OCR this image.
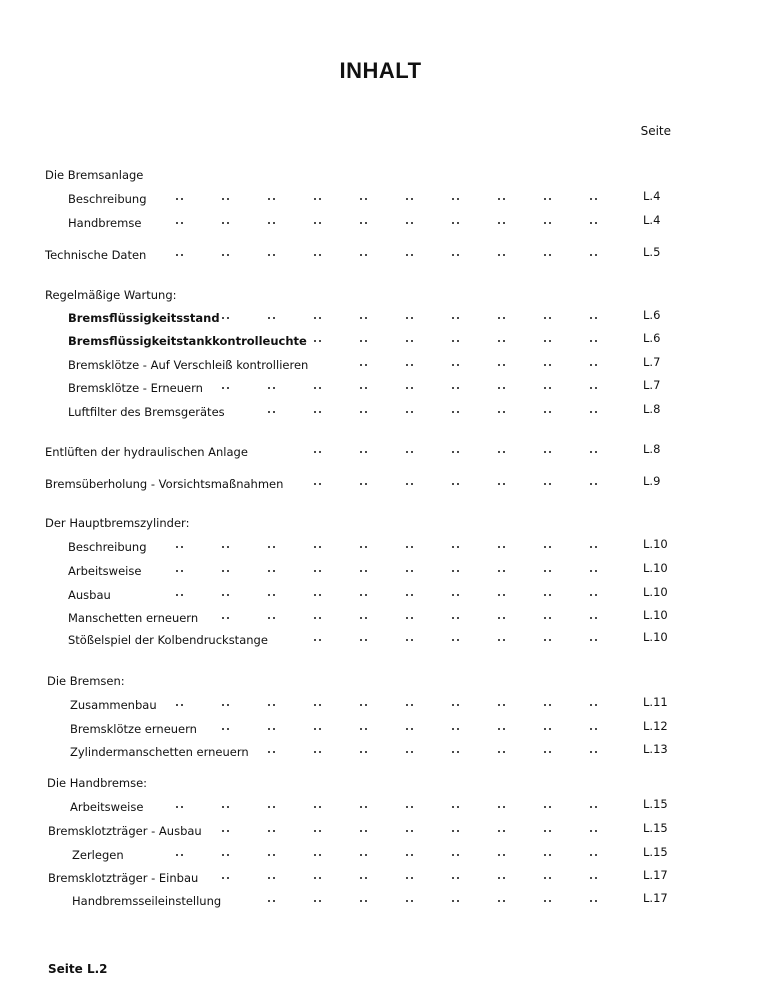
INHALT
Seite
Die Bremsanlage
Beschreibung	L.4
Handbremse	L.4
Technische Daten	L.5
Regelmäßige Wartung:
Bremsflüssigkeitsstand	L.6
Bremsflüssigkeitstankkontrolleuchte	L.6
Bremsklötze - Auf Verschleiß kontrollieren	L.7
Bremsklötze - Erneuern	L.7
Luftfilter des Bremsgerätes	L.8
Entlüften der hydraulischen Anlage	L.8
Bremsüberholung - Vorsichtsmaßnahmen	L.9
Der Hauptbremszylinder:
Beschreibung	L.10
Arbeitsweise	L.10
Ausbau	L.10
Manschetten erneuern	L.10
Stößelspiel der Kolbendruckstange	L.10
Die Bremsen:
Zusammenbau	L.11
Bremsklötze erneuern	L.12
Zylindermanschetten erneuern	L.13
Die Handbremse:
Arbeitsweise	L.15
Bremsklotzträger - Ausbau	L.15
Zerlegen	L.15
Bremsklotzträger - Einbau	L.17
Handbremsseileinstellung	L.17
Seite L.2
